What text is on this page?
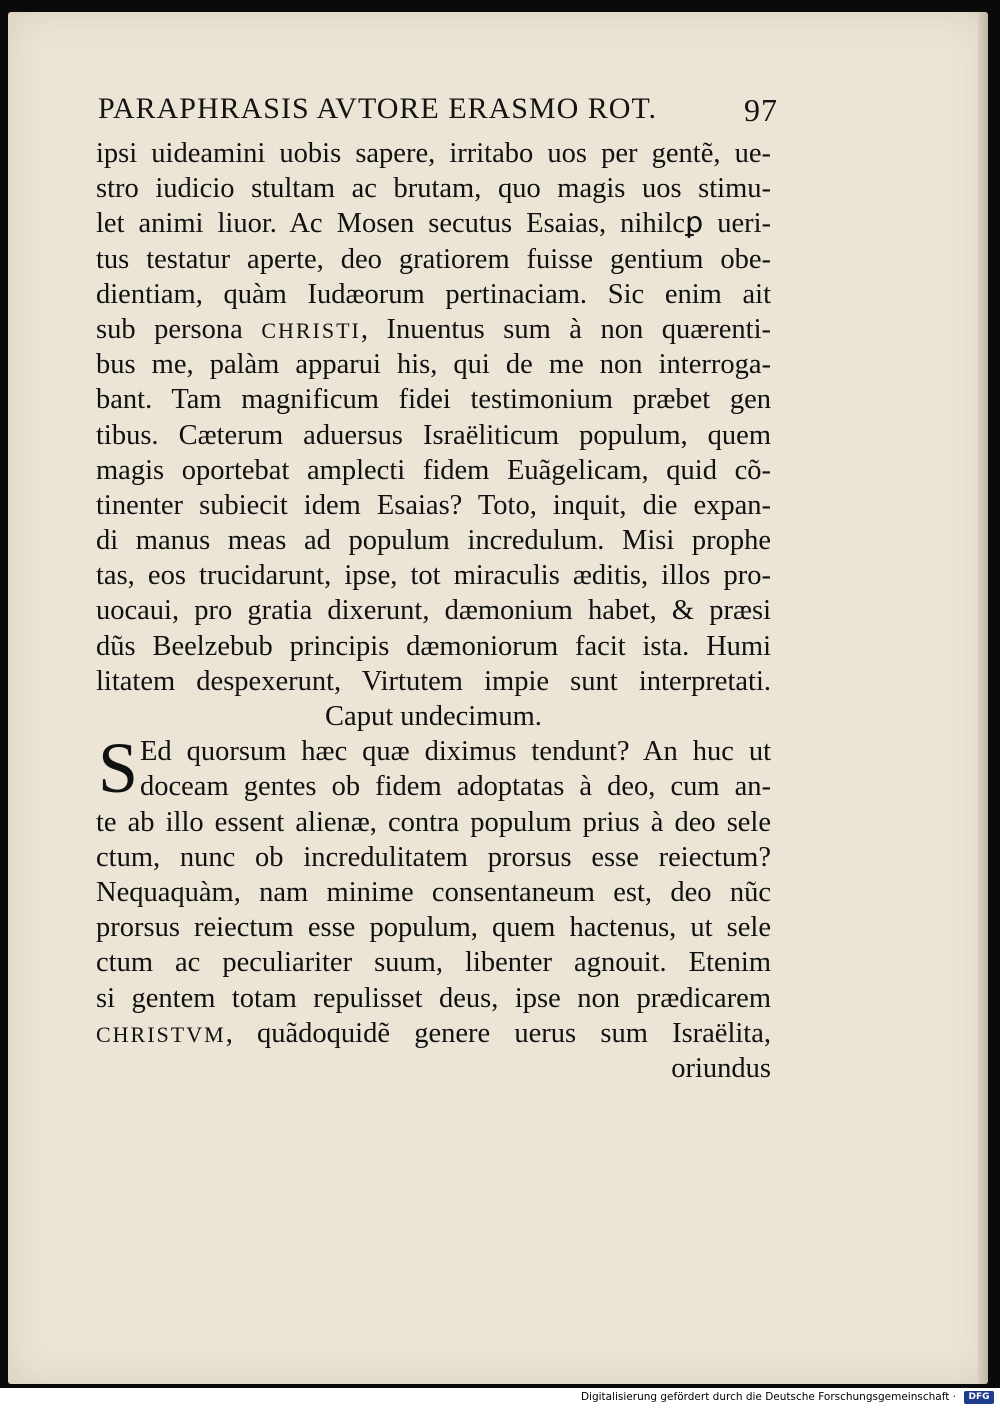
PARAPHRASIS AVTORE ERASMO ROT.	97
ipsi uideamini uobis sapere, irritabo uos per gentẽ, ue-
stro iudicio stultam ac brutam, quo magis uos stimu-
let animi liuor. Ac Mosen secutus Esaias, nihilcꝑ ueri-
tus testatur aperte, deo gratiorem fuisse gentium obe-
dientiam, quàm Iudæorum pertinaciam. Sic enim ait
sub persona CHRISTI, Inuentus sum à non quærenti-
bus me, palàm apparui his, qui de me non interroga-
bant. Tam magnificum fidei testimonium præbet gen
tibus. Cæterum aduersus Israëliticum populum, quem
magis oportebat amplecti fidem Euãgelicam, quid cõ-
tinenter subiecit idem Esaias? Toto, inquit, die expan-
di manus meas ad populum incredulum. Misi prophe
tas, eos trucidarunt, ipse, tot miraculis æditis, illos pro-
uocaui, pro gratia dixerunt, dæmonium habet, & præsi
dũs Beelzebub principis dæmoniorum facit ista. Humi
litatem despexerunt, Virtutem impie sunt interpretati.
Caput undecimum.
S Ed quorsum hæc quæ diximus tendunt? An huc ut
doceam gentes ob fidem adoptatas à deo, cum an-
te ab illo essent alienæ, contra populum prius à deo sele
ctum, nunc ob incredulitatem prorsus esse reiectum?
Nequaquàm, nam minime consentaneum est, deo nũc
prorsus reiectum esse populum, quem hactenus, ut sele
ctum ac peculiariter suum, libenter agnouit. Etenim
si gentem totam repulisset deus, ipse non prædicarem
CHRISTVM, quãdoquidẽ genere uerus sum Israëlita,
oriundus
Digitalisierung gefördert durch die Deutsche Forschungsgemeinschaft ·	DFG
